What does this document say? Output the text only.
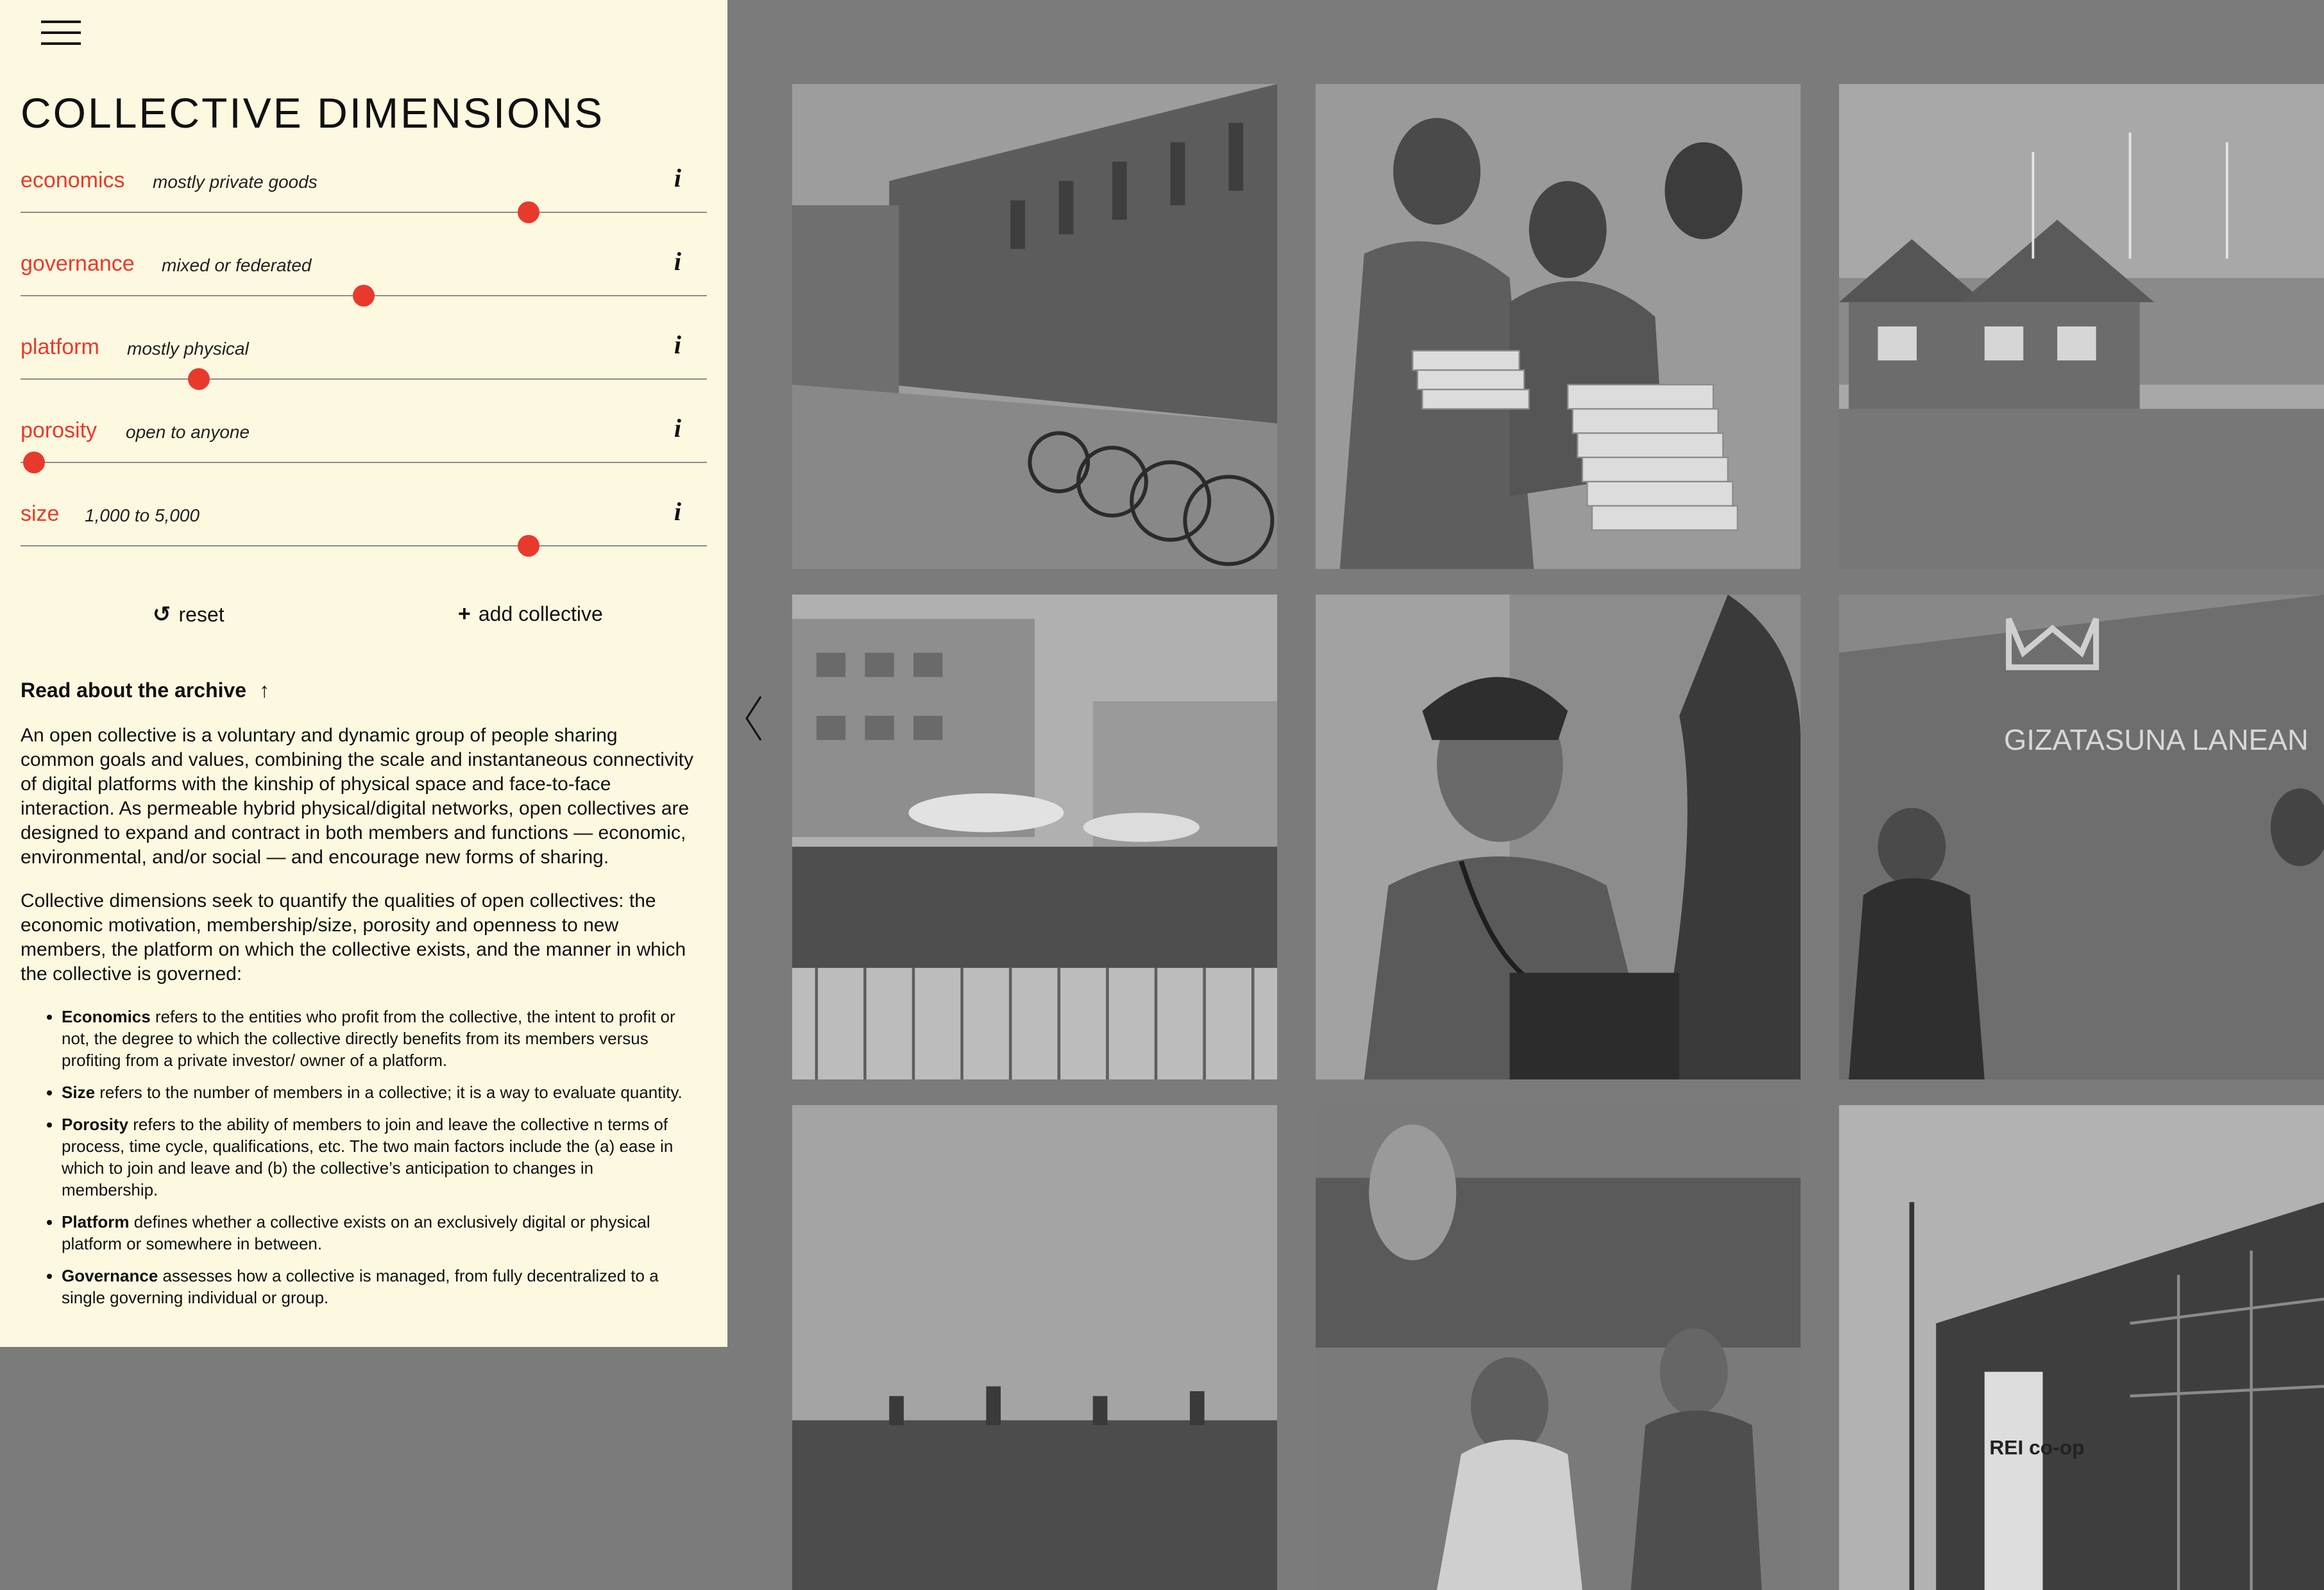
COLLECTIVE DIMENSIONS
economics mostly private goods	i
governance mixed or federated	i
platform mostly physical	i
porosity open to anyone	i
size 1,000 to 5,000	i
↺ reset	+ add collective
Read about the archive ↑

An open collective is a voluntary and dynamic group of people sharing common goals and values, combining the scale and instantaneous connectivity of digital platforms with the kinship of physical space and face-to-face interaction. As permeable hybrid physical/digital networks, open collectives are designed to expand and contract in both members and functions — economic, environmental, and/or social — and encourage new forms of sharing.

Collective dimensions seek to quantify the qualities of open collectives: the economic motivation, membership/size, porosity and openness to new members, the platform on which the collective exists, and the manner in which the collective is governed:

• Economics refers to the entities who profit from the collective, the intent to profit or not, the degree to which the collective directly benefits from its members versus profiting from a private investor/ owner of a platform.
• Size refers to the number of members in a collective; it is a way to evaluate quantity.
• Porosity refers to the ability of members to join and leave the collective n terms of process, time cycle, qualifications, etc. The two main factors include the (a) ease in which to join and leave and (b) the collective’s anticipation to changes in membership.
• Platform defines whether a collective exists on an exclusively digital or physical platform or somewhere in between.
• Governance assesses how a collective is managed, from fully decentralized to a single governing individual or group.
GIZATASUNA LANEAN
REI co-op
